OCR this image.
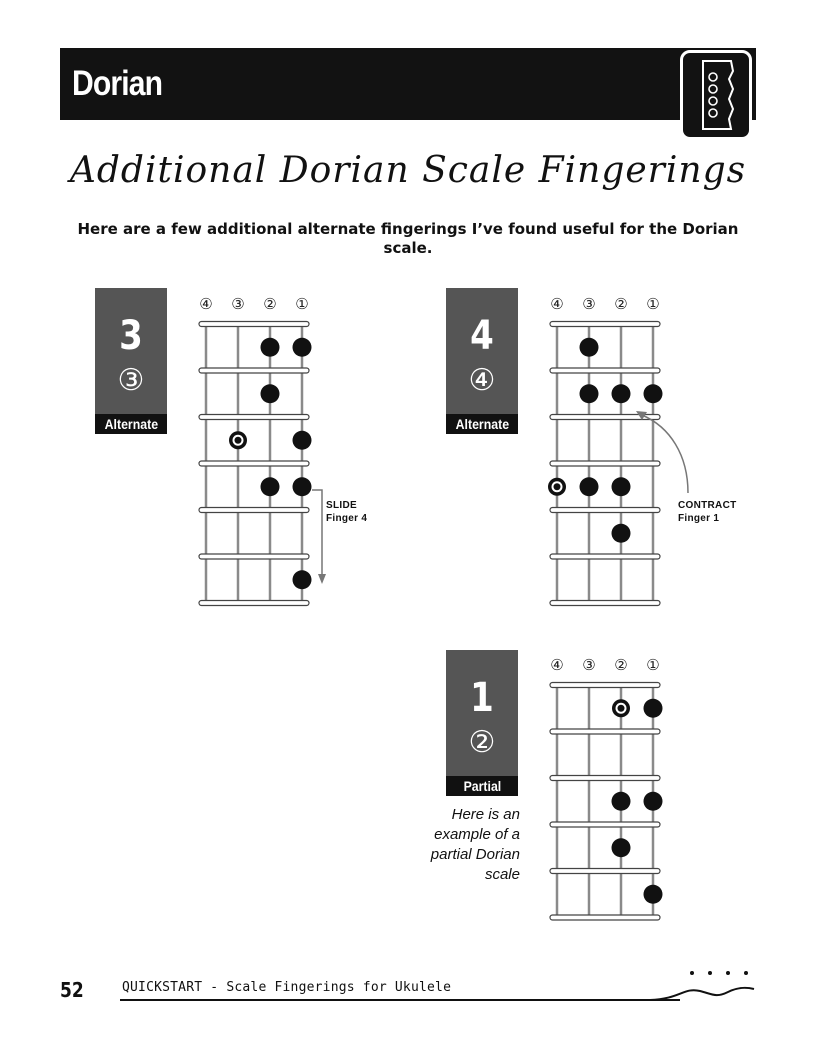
Dorian
Additional Dorian Scale Fingerings
Here are a few additional alternate fingerings I’ve found useful for the Dorian scale.
3
③
Alternate
④ ③ ② ①
SLIDE
Finger 4
4
④
Alternate
④ ③ ② ①
CONTRACT
Finger 1
1
②
Partial
④ ③ ② ①
Here is an example of a partial Dorian scale
52	QUICKSTART - Scale Fingerings for Ukulele
